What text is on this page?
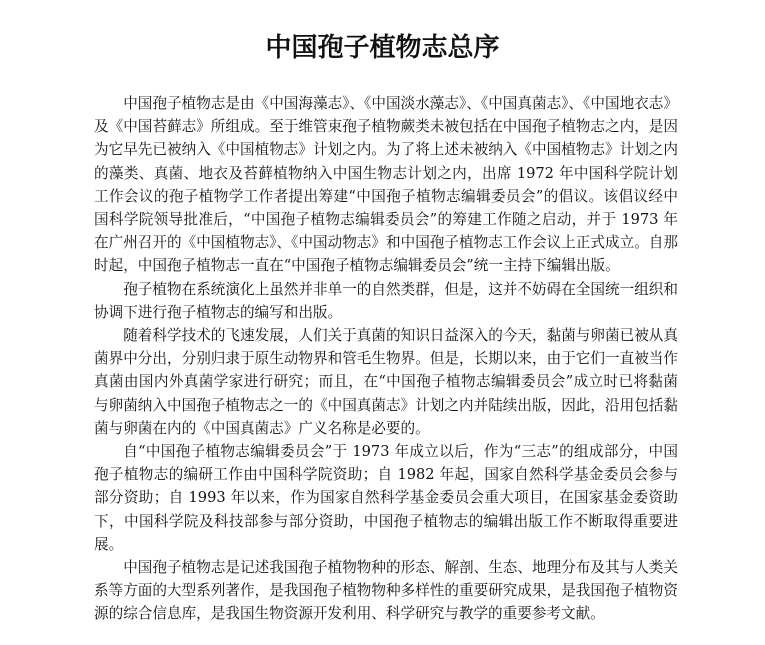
中国孢子植物志总序

中国孢子植物志是由《中国海藻志》、《中国淡水藻志》、《中国真菌志》、《中国地衣志》及《中国苔藓志》所组成。至于维管束孢子植物蕨类未被包括在中国孢子植物志之内，是因为它早先已被纳入《中国植物志》计划之内。为了将上述未被纳入《中国植物志》计划之内的藻类、真菌、地衣及苔藓植物纳入中国生物志计划之内，出席 1972 年中国科学院计划工作会议的孢子植物学工作者提出筹建“中国孢子植物志编辑委员会”的倡议。该倡议经中国科学院领导批准后，“中国孢子植物志编辑委员会”的筹建工作随之启动，并于 1973 年在广州召开的《中国植物志》、《中国动物志》和中国孢子植物志工作会议上正式成立。自那时起，中国孢子植物志一直在“中国孢子植物志编辑委员会”统一主持下编辑出版。

孢子植物在系统演化上虽然并非单一的自然类群，但是，这并不妨碍在全国统一组织和协调下进行孢子植物志的编写和出版。

随着科学技术的飞速发展，人们关于真菌的知识日益深入的今天，黏菌与卵菌已被从真菌界中分出，分别归隶于原生动物界和管毛生物界。但是，长期以来，由于它们一直被当作真菌由国内外真菌学家进行研究；而且，在“中国孢子植物志编辑委员会”成立时已将黏菌与卵菌纳入中国孢子植物志之一的《中国真菌志》计划之内并陆续出版，因此，沿用包括黏菌与卵菌在内的《中国真菌志》广义名称是必要的。

自“中国孢子植物志编辑委员会”于 1973 年成立以后，作为“三志”的组成部分，中国孢子植物志的编研工作由中国科学院资助；自 1982 年起，国家自然科学基金委员会参与部分资助；自 1993 年以来，作为国家自然科学基金委员会重大项目，在国家基金委资助下，中国科学院及科技部参与部分资助，中国孢子植物志的编辑出版工作不断取得重要进展。

中国孢子植物志是记述我国孢子植物物种的形态、解剖、生态、地理分布及其与人类关系等方面的大型系列著作，是我国孢子植物物种多样性的重要研究成果，是我国孢子植物资源的综合信息库，是我国生物资源开发利用、科学研究与教学的重要参考文献。
